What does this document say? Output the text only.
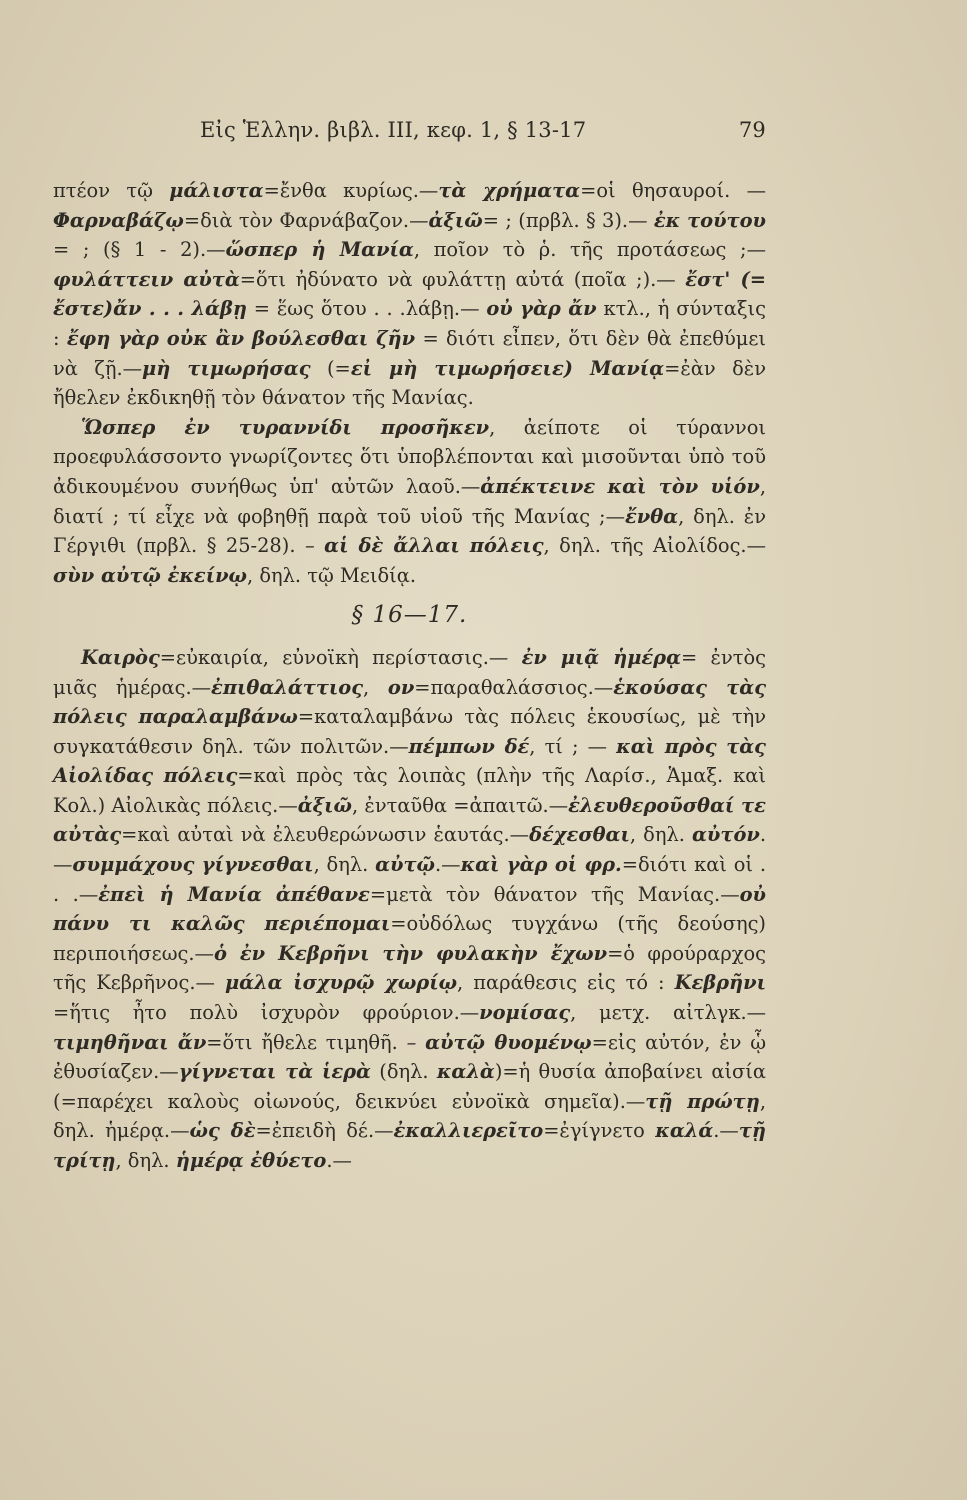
Εἰς Ἑλλην. βιβλ. III, κεφ. 1, § 13-17	79

πτέον τῷ μάλιστα=ἔνθα κυρίως.—τὰ χρήματα=οἱ θησαυροί. —Φαρναβάζῳ=διὰ τὸν Φαρνάβαζον.—ἀξιῶ= ; (πρβλ. § 3).— ἐκ τούτου = ; (§ 1 - 2).—ὥσπερ ἡ Μανία, ποῖον τὸ ῥ. τῆς προτάσεως ;—φυλάττειν αὐτὰ=ὅτι ἠδύνατο νὰ φυλάττῃ αὐτά (ποῖα ;).— ἔστ' (= ἔστε)ἄν . . . λάβῃ = ἕως ὅτου . . .λάβῃ.— οὐ γὰρ ἄν κτλ., ἡ σύνταξις : ἔφη γὰρ οὐκ ἂν βούλεσθαι ζῆν = διότι εἶπεν, ὅτι δὲν θὰ ἐπεθύμει νὰ ζῇ.—μὴ τιμωρήσας (=εἰ μὴ τιμωρήσειε) Μανίᾳ=ἐὰν δὲν ἤθελεν ἐκδικηθῇ τὸν θάνατον τῆς Μανίας.

Ὥσπερ ἐν τυραννίδι προσῆκεν, ἀείποτε οἱ τύραννοι προεφυλάσσοντο γνωρίζοντες ὅτι ὑποβλέπονται καὶ μισοῦνται ὑπὸ τοῦ ἀδικουμένου συνήθως ὑπ' αὐτῶν λαοῦ.—ἀπέκτεινε καὶ τὸν υἱόν, διατί ; τί εἶχε νὰ φοβηθῇ παρὰ τοῦ υἱοῦ τῆς Μανίας ;—ἔνθα, δηλ. ἐν Γέργιθι (πρβλ. § 25-28). – αἱ δὲ ἄλλαι πόλεις, δηλ. τῆς Αἰολίδος.— σὺν αὐτῷ ἐκείνῳ, δηλ. τῷ Μειδίᾳ.

§ 16—17.

Καιρὸς=εὐκαιρία, εὐνοϊκὴ περίστασις.— ἐν μιᾷ ἡμέρᾳ= ἐντὸς μιᾶς ἡμέρας.—ἐπιθαλάττιος, ον=παραθαλάσσιος.—ἑκούσας τὰς πόλεις παραλαμβάνω=καταλαμβάνω τὰς πόλεις ἑκουσίως, μὲ τὴν συγκατάθεσιν δηλ. τῶν πολιτῶν.—πέμπων δέ, τί ; — καὶ πρὸς τὰς Αἰολίδας πόλεις=καὶ πρὸς τὰς λοιπὰς (πλὴν τῆς Λαρίσ., Ἁμαξ. καὶ Κολ.) Αἰολικὰς πόλεις.—ἀξιῶ, ἐνταῦθα =ἀπαιτῶ.—ἐλευθεροῦσθαί τε αὐτὰς=καὶ αὐταὶ νὰ ἐλευθερώνωσιν ἑαυτάς.—δέχεσθαι, δηλ. αὐτόν.—συμμάχους γίγνεσθαι, δηλ. αὐτῷ.—καὶ γὰρ οἱ φρ.=διότι καὶ οἱ . . .—ἐπεὶ ἡ Μανία ἀπέθανε=μετὰ τὸν θάνατον τῆς Μανίας.—οὐ πάνυ τι καλῶς περιέπομαι=οὐδόλως τυγχάνω (τῆς δεούσης) περιποιήσεως.—ὁ ἐν Κεβρῆνι τὴν φυλακὴν ἔχων=ὁ φρούραρχος τῆς Κεβρῆνος.— μάλα ἰσχυρῷ χωρίῳ, παράθεσις εἰς τό : Κεβρῆνι =ἥτις ἦτο πολὺ ἰσχυρὸν φρούριον.—νομίσας, μετχ. αἰτλγκ.— τιμηθῆναι ἄν=ὅτι ἤθελε τιμηθῆ. – αὐτῷ θυομένῳ=εἰς αὐτόν, ἐν ᾧ ἐθυσίαζεν.—γίγνεται τὰ ἱερὰ (δηλ. καλὰ)=ἡ θυσία ἀποβαίνει αἰσία (=παρέχει καλοὺς οἰωνούς, δεικνύει εὐνοϊκὰ σημεῖα).—τῇ πρώτῃ, δηλ. ἡμέρᾳ.—ὡς δὲ=ἐπειδὴ δέ.—ἐκαλλιερεῖτο=ἐγίγνετο καλά.—τῇ τρίτῃ, δηλ. ἡμέρᾳ ἐθύετο.—
